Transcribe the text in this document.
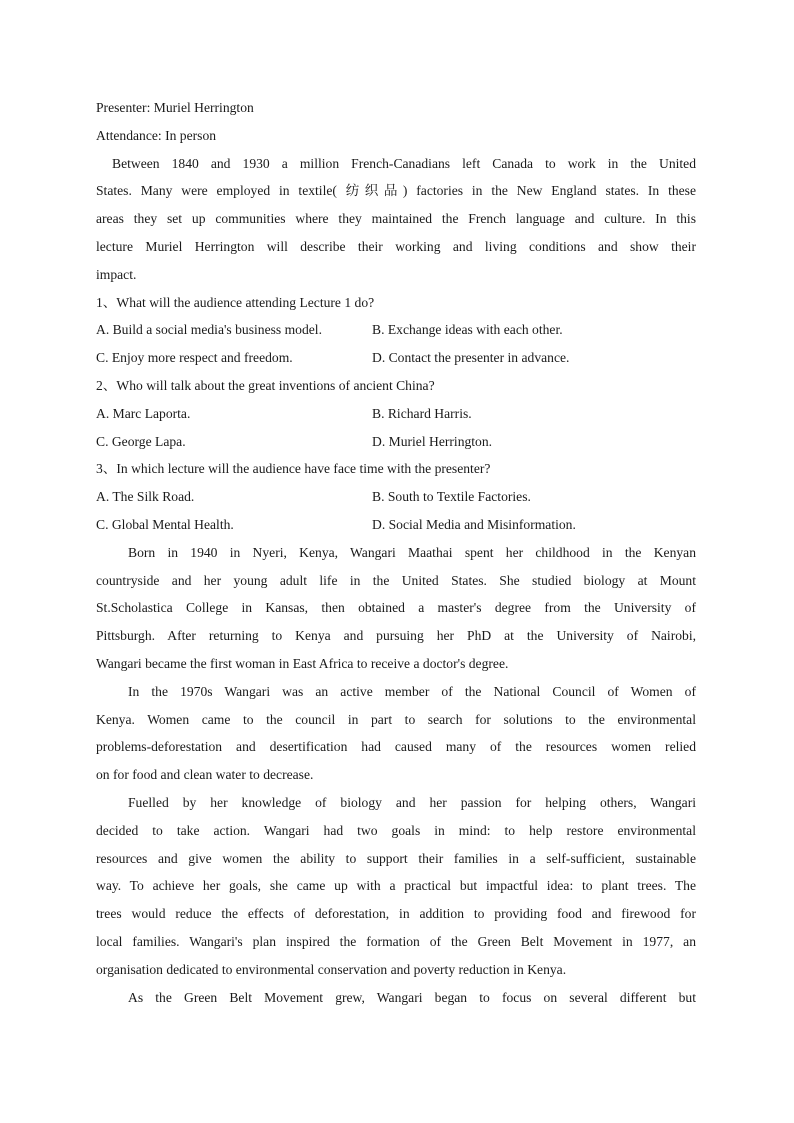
Presenter: Muriel Herrington
Attendance: In person
Between 1840 and 1930 a million French-Canadians left Canada to work in the United
States. Many were employed in textile( 纺织品) factories in the New England states. In these
areas they set up communities where they maintained the French language and culture. In this
lecture Muriel Herrington will describe their working and living conditions and show their
impact.
1、What will the audience attending Lecture 1 do?
A. Build a social media's business model.	B. Exchange ideas with each other.
C. Enjoy more respect and freedom.	D. Contact the presenter in advance.
2、Who will talk about the great inventions of ancient China?
A. Marc Laporta.	B. Richard Harris.
C. George Lapa.	D. Muriel Herrington.
3、In which lecture will the audience have face time with the presenter?
A. The Silk Road.	B. South to Textile Factories.
C. Global Mental Health.	D. Social Media and Misinformation.
Born in 1940 in Nyeri, Kenya, Wangari Maathai spent her childhood in the Kenyan
countryside and her young adult life in the United States. She studied biology at Mount
St.Scholastica College in Kansas, then obtained a master's degree from the University of
Pittsburgh. After returning to Kenya and pursuing her PhD at the University of Nairobi,
Wangari became the first woman in East Africa to receive a doctor's degree.
In the 1970s Wangari was an active member of the National Council of Women of
Kenya. Women came to the council in part to search for solutions to the environmental
problems-deforestation and desertification had caused many of the resources women relied
on for food and clean water to decrease.
Fuelled by her knowledge of biology and her passion for helping others, Wangari
decided to take action. Wangari had two goals in mind: to help restore environmental
resources and give women the ability to support their families in a self-sufficient, sustainable
way. To achieve her goals, she came up with a practical but impactful idea: to plant trees. The
trees would reduce the effects of deforestation, in addition to providing food and firewood for
local families. Wangari's plan inspired the formation of the Green Belt Movement in 1977, an
organisation dedicated to environmental conservation and poverty reduction in Kenya.
As the Green Belt Movement grew, Wangari began to focus on several different but
